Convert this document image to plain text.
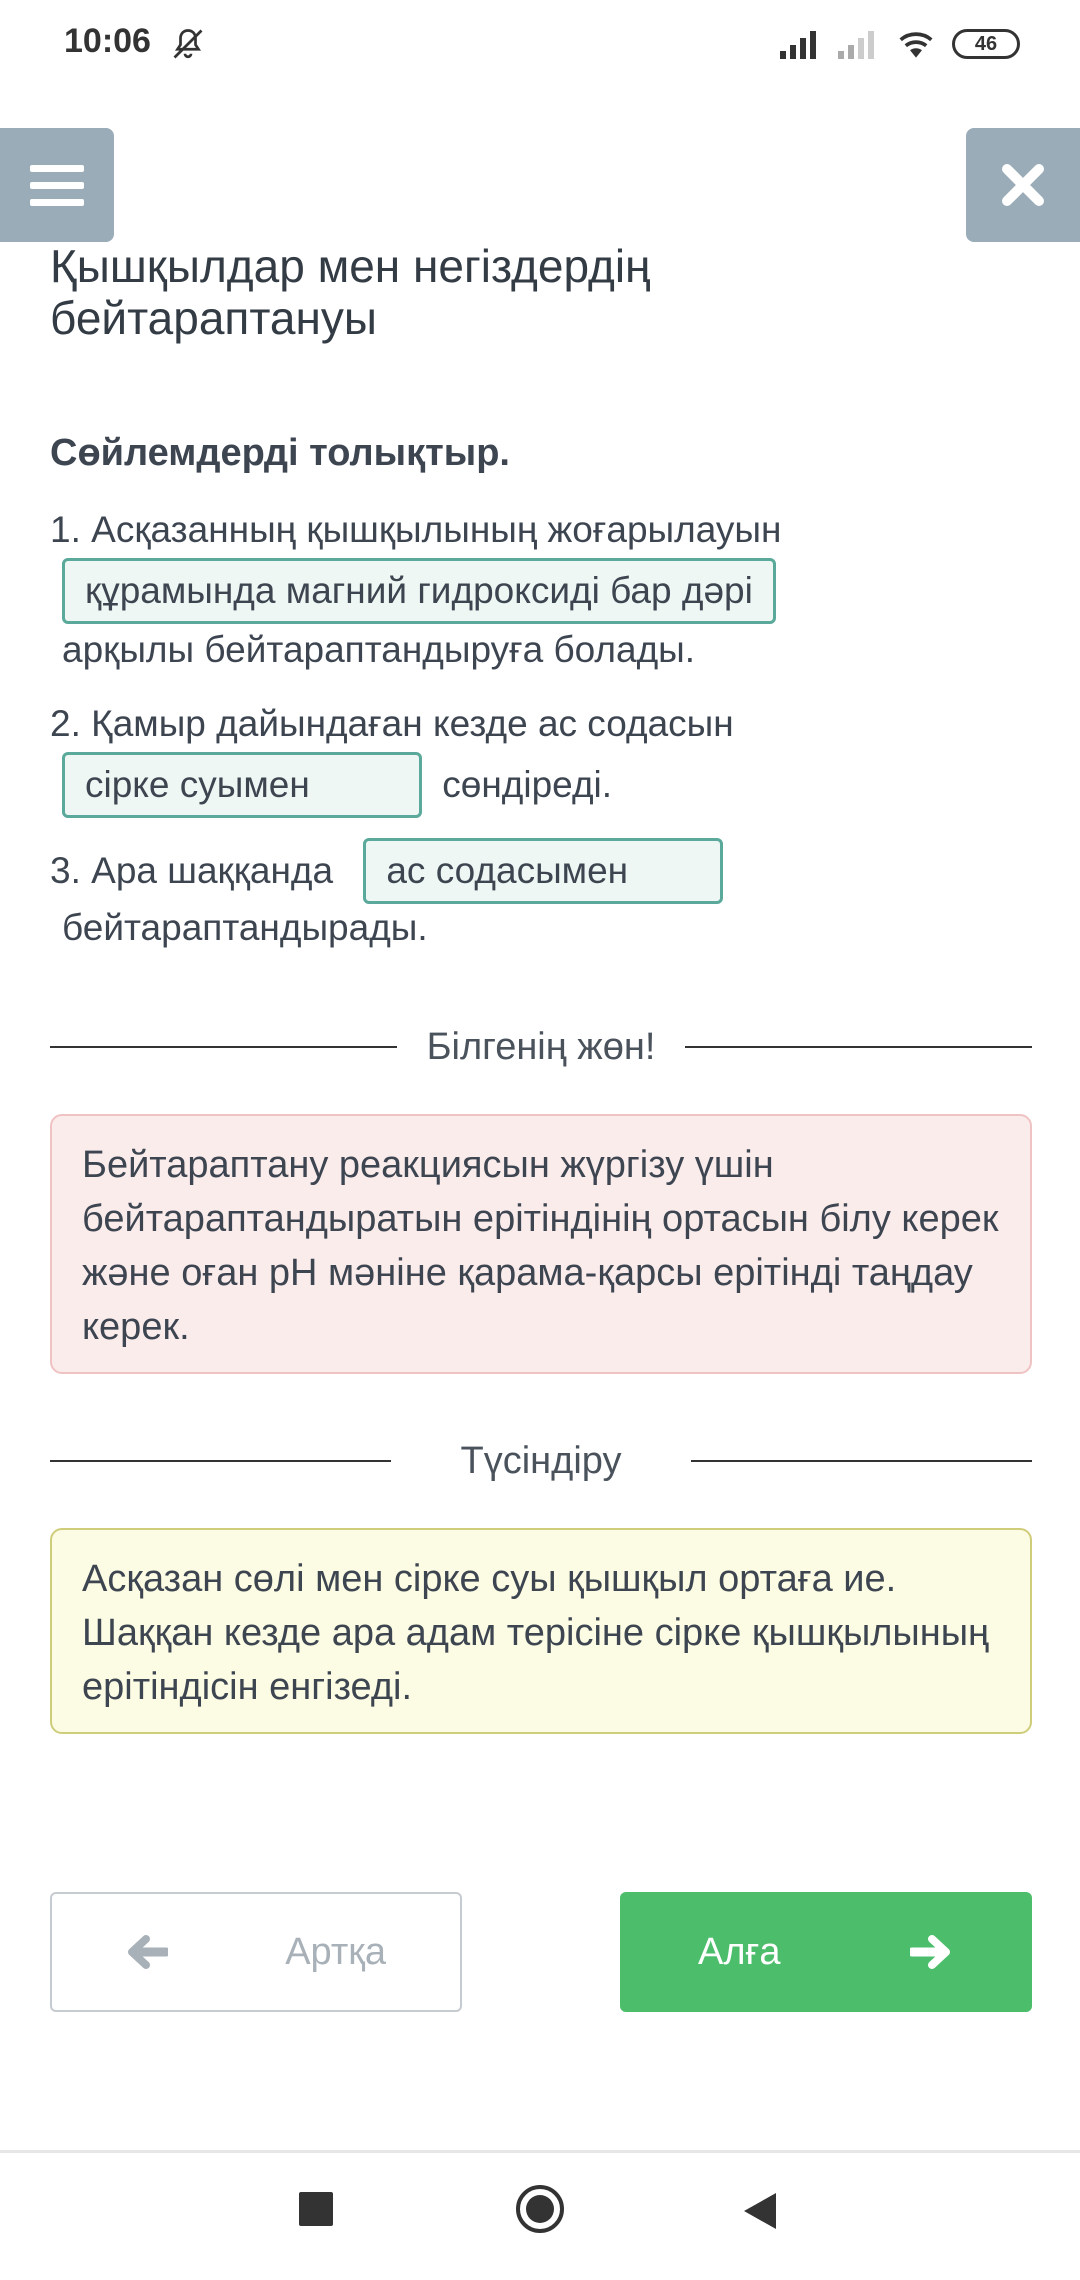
10:06	46
Қышқылдар мен негіздердің бейтараптануы
Сөйлемдерді толықтыр.
1. Асқазанның қышқылының жоғарылауын
құрамында магний гидроксиді бар дәрі
арқылы бейтараптандыруға болады.
2. Қамыр дайындаған кезде ас содасын
сірке суымен	сөндіреді.
3. Ара шаққанда ас содасымен
бейтараптандырады.
Білгенің жөн!
Бейтараптану реакциясын жүргізу үшін бейтараптандыратын ерітіндінің ортасын білу керек және оған pH мәніне қарама-қарсы ерітінді таңдау керек.
Түсіндіру
Асқазан сөлі мен сірке суы қышқыл ортаға ие. Шаққан кезде ара адам терісіне сірке қышқылының ерітіндісін енгізеді.
Артқа	Алға
